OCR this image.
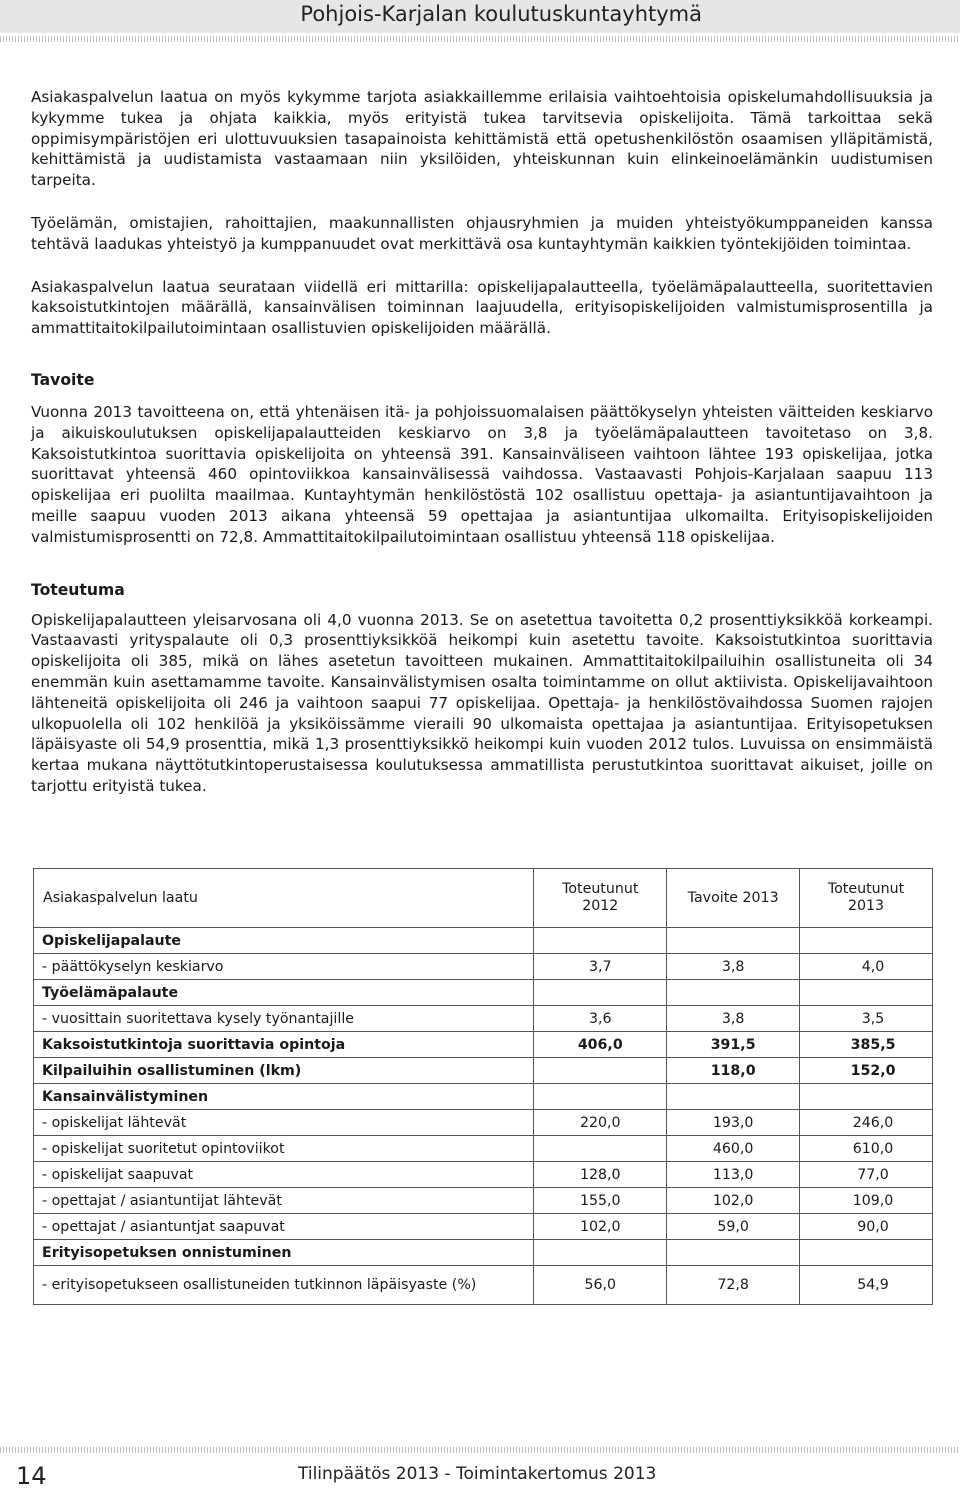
Pohjois-Karjalan koulutuskuntayhtymä

Asiakaspalvelun laatua on myös kykymme tarjota asiakkaillemme erilaisia vaihtoehtoisia opiskelumahdollisuuksia ja kykymme tukea ja ohjata kaikkia, myös erityistä tukea tarvitsevia opiskelijoita. Tämä tarkoittaa sekä oppimisympäristöjen eri ulottuvuuksien tasapainoista kehittämistä että opetushenkilöstön osaamisen ylläpitämistä, kehittämistä ja uudistamista vastaamaan niin yksilöiden, yhteiskunnan kuin elinkeinoelämänkin uudistumisen tarpeita.

Työelämän, omistajien, rahoittajien, maakunnallisten ohjausryhmien ja muiden yhteistyökumppaneiden kanssa tehtävä laadukas yhteistyö ja kumppanuudet ovat merkittävä osa kuntayhtymän kaikkien työntekijöiden toimintaa.

Asiakaspalvelun laatua seurataan viidellä eri mittarilla: opiskelijapalautteella, työelämäpalautteella, suoritettavien kaksoistutkintojen määrällä, kansainvälisen toiminnan laajuudella, erityisopiskelijoiden valmistumisprosentilla ja ammattitaitokilpailutoimintaan osallistuvien opiskelijoiden määrällä.

Tavoite

Vuonna 2013 tavoitteena on, että yhtenäisen itä- ja pohjoissuomalaisen päättökyselyn yhteisten väitteiden keskiarvo ja aikuiskoulutuksen opiskelijapalautteiden keskiarvo on 3,8 ja työelämäpalautteen tavoitetaso on 3,8. Kaksoistutkintoa suorittavia opiskelijoita on yhteensä 391. Kansainväliseen vaihtoon lähtee 193 opiskelijaa, jotka suorittavat yhteensä 460 opintoviikkoa kansainvälisessä vaihdossa. Vastaavasti Pohjois-Karjalaan saapuu 113 opiskelijaa eri puolilta maailmaa. Kuntayhtymän henkilöstöstä 102 osallistuu opettaja- ja asiantuntijavaihtoon ja meille saapuu vuoden 2013 aikana yhteensä 59 opettajaa ja asiantuntijaa ulkomailta. Erityisopiskelijoiden valmistumisprosentti on 72,8. Ammattitaitokilpailutoimintaan osallistuu yhteensä 118 opiskelijaa.

Toteutuma

Opiskelijapalautteen yleisarvosana oli 4,0 vuonna 2013. Se on asetettua tavoitetta 0,2 prosenttiyksikköä korkeampi. Vastaavasti yrityspalaute oli 0,3 prosenttiyksikköä heikompi kuin asetettu tavoite. Kaksoistutkintoa suorittavia opiskelijoita oli 385, mikä on lähes asetetun tavoitteen mukainen. Ammattitaitokilpailuihin osallistuneita oli 34 enemmän kuin asettamamme tavoite. Kansainvälistymisen osalta toimintamme on ollut aktiivista. Opiskelijavaihtoon lähteneitä opiskelijoita oli 246 ja vaihtoon saapui 77 opiskelijaa. Opettaja- ja henkilöstövaihdossa Suomen rajojen ulkopuolella oli 102 henkilöä ja yksiköissämme vieraili 90 ulkomaista opettajaa ja asiantuntijaa. Erityisopetuksen läpäisyaste oli 54,9 prosenttia, mikä 1,3 prosenttiyksikkö heikompi kuin vuoden 2012 tulos. Luvuissa on ensimmäistä kertaa mukana näyttötutkintoperustaisessa koulutuksessa ammatillista perustutkintoa suorittavat aikuiset, joille on tarjottu erityistä tukea.

Asiakaspalvelun laatu	Toteutunut 2012	Tavoite 2013	Toteutunut 2013
Opiskelijapalaute			
- päättökyselyn keskiarvo	3,7	3,8	4,0
Työelämäpalaute			
- vuosittain suoritettava kysely työnantajille	3,6	3,8	3,5
Kaksoistutkintoja suorittavia opintoja	406,0	391,5	385,5
Kilpailuihin osallistuminen (lkm)		118,0	152,0
Kansainvälistyminen			
- opiskelijat lähtevät	220,0	193,0	246,0
- opiskelijat suoritetut opintoviikot		460,0	610,0
- opiskelijat saapuvat	128,0	113,0	77,0
- opettajat / asiantuntijat lähtevät	155,0	102,0	109,0
- opettajat / asiantuntjat saapuvat	102,0	59,0	90,0
Erityisopetuksen onnistuminen			
- erityisopetukseen osallistuneiden tutkinnon läpäisyaste (%)	56,0	72,8	54,9
14	Tilinpäätös 2013 - Toimintakertomus 2013
